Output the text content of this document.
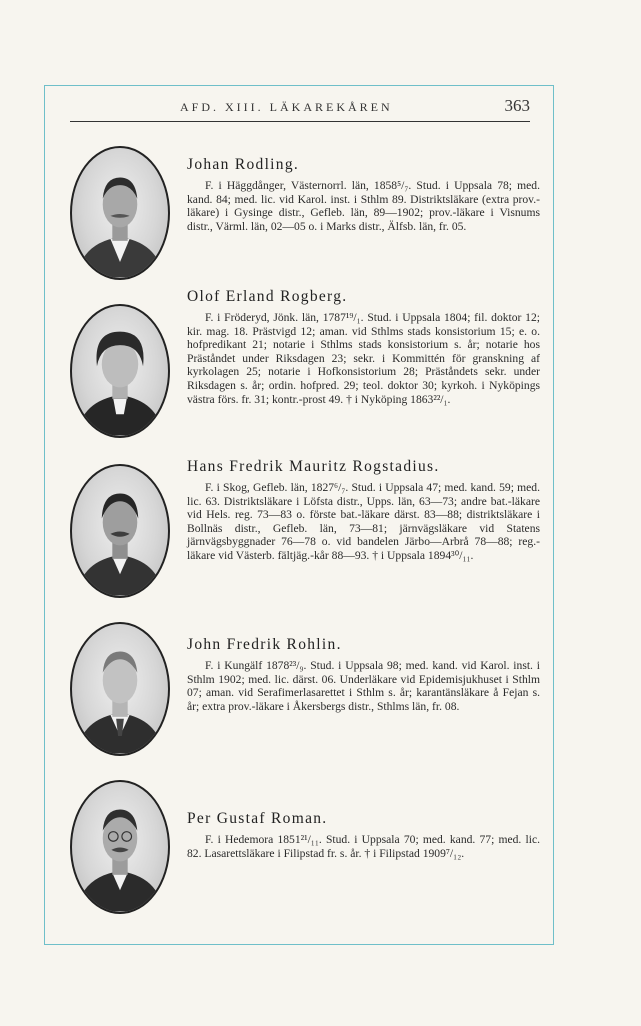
AFD. XIII. LÄKAREKÅREN	363

Johan Rodling.

F. i Häggdånger, Västernorrl. län, 1858⁵/₇. Stud. i Uppsala 78; med. kand. 84; med. lic. vid Karol. inst. i Sthlm 89. Distriktsläkare (extra prov.-läkare) i Gysinge distr., Gefleb. län, 89—1902; prov.-läkare i Visnums distr., Värml. län, 02—05 o. i Marks distr., Älfsb. län, fr. 05.

Olof Erland Rogberg.

F. i Fröderyd, Jönk. län, 1787¹⁹/₁. Stud. i Uppsala 1804; fil. doktor 12; kir. mag. 18. Prästvigd 12; aman. vid Sthlms stads konsistorium 15; e. o. hofpredikant 21; notarie i Sthlms stads konsistorium s. år; notarie hos Präståndet under Riksdagen 23; sekr. i Kommittén för granskning af kyrkolagen 25; notarie i Hofkonsistorium 28; Präståndets sekr. under Riksdagen s. år; ordin. hofpred. 29; teol. doktor 30; kyrkoh. i Nyköpings västra förs. fr. 31; kontr.-prost 49. † i Nyköping 1863²²/₁.

Hans Fredrik Mauritz Rogstadius.

F. i Skog, Gefleb. län, 1827⁶/₇. Stud. i Uppsala 47; med. kand. 59; med. lic. 63. Distriktsläkare i Löfsta distr., Upps. län, 63—73; andre bat.-läkare vid Hels. reg. 73—83 o. förste bat.-läkare därst. 83—88; distriktsläkare i Bollnäs distr., Gefleb. län, 73—81; järnvägsläkare vid Statens järnvägsbyggnader 76—78 o. vid bandelen Järbo—Arbrå 78—88; reg.-läkare vid Västerb. fältjäg.-kår 88—93. † i Uppsala 1894³⁰/₁₁.

John Fredrik Rohlin.

F. i Kungälf 1878²³/₉. Stud. i Uppsala 98; med. kand. vid Karol. inst. i Sthlm 1902; med. lic. därst. 06. Underläkare vid Epidemisjukhuset i Sthlm 07; aman. vid Serafimerlasarettet i Sthlm s. år; karantänsläkare å Fejan s. år; extra prov.-läkare i Åkersbergs distr., Sthlms län, fr. 08.

Per Gustaf Roman.

F. i Hedemora 1851²¹/₁₁. Stud. i Uppsala 70; med. kand. 77; med. lic. 82. Lasarettsläkare i Filipstad fr. s. år. † i Filipstad 1909⁷/₁₂.
